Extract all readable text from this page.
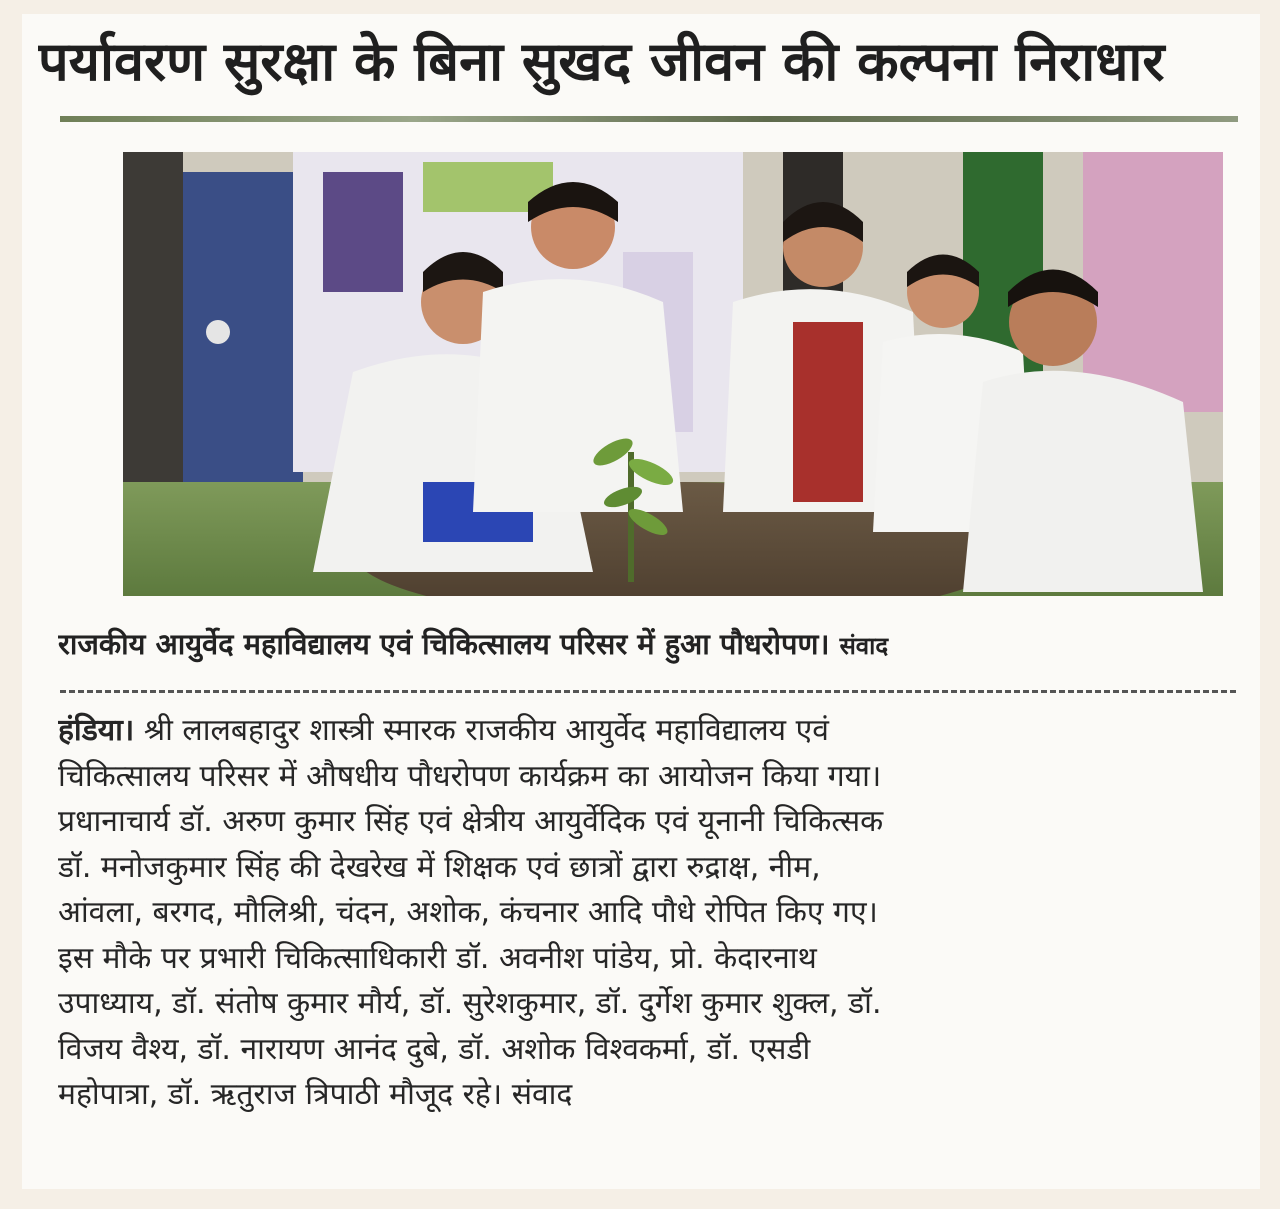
पर्यावरण सुरक्षा के बिना सुखद जीवन की कल्पना निराधार
राजकीय आयुर्वेद महाविद्यालय एवं चिकित्सालय परिसर में हुआ पौधरोपण। संवाद
हंडिया। श्री लालबहादुर शास्त्री स्मारक राजकीय आयुर्वेद महाविद्यालय एवं
चिकित्सालय परिसर में औषधीय पौधरोपण कार्यक्रम का आयोजन किया गया।
प्रधानाचार्य डॉ. अरुण कुमार सिंह एवं क्षेत्रीय आयुर्वेदिक एवं यूनानी चिकित्सक
डॉ. मनोजकुमार सिंह की देखरेख में शिक्षक एवं छात्रों द्वारा रुद्राक्ष, नीम,
आंवला, बरगद, मौलिश्री, चंदन, अशोक, कंचनार आदि पौधे रोपित किए गए।
इस मौके पर प्रभारी चिकित्साधिकारी डॉ. अवनीश पांडेय, प्रो. केदारनाथ
उपाध्याय, डॉ. संतोष कुमार मौर्य, डॉ. सुरेशकुमार, डॉ. दुर्गेश कुमार शुक्ल, डॉ.
विजय वैश्य, डॉ. नारायण आनंद दुबे, डॉ. अशोक विश्वकर्मा, डॉ. एसडी
महोपात्रा, डॉ. ऋतुराज त्रिपाठी मौजूद रहे। संवाद
